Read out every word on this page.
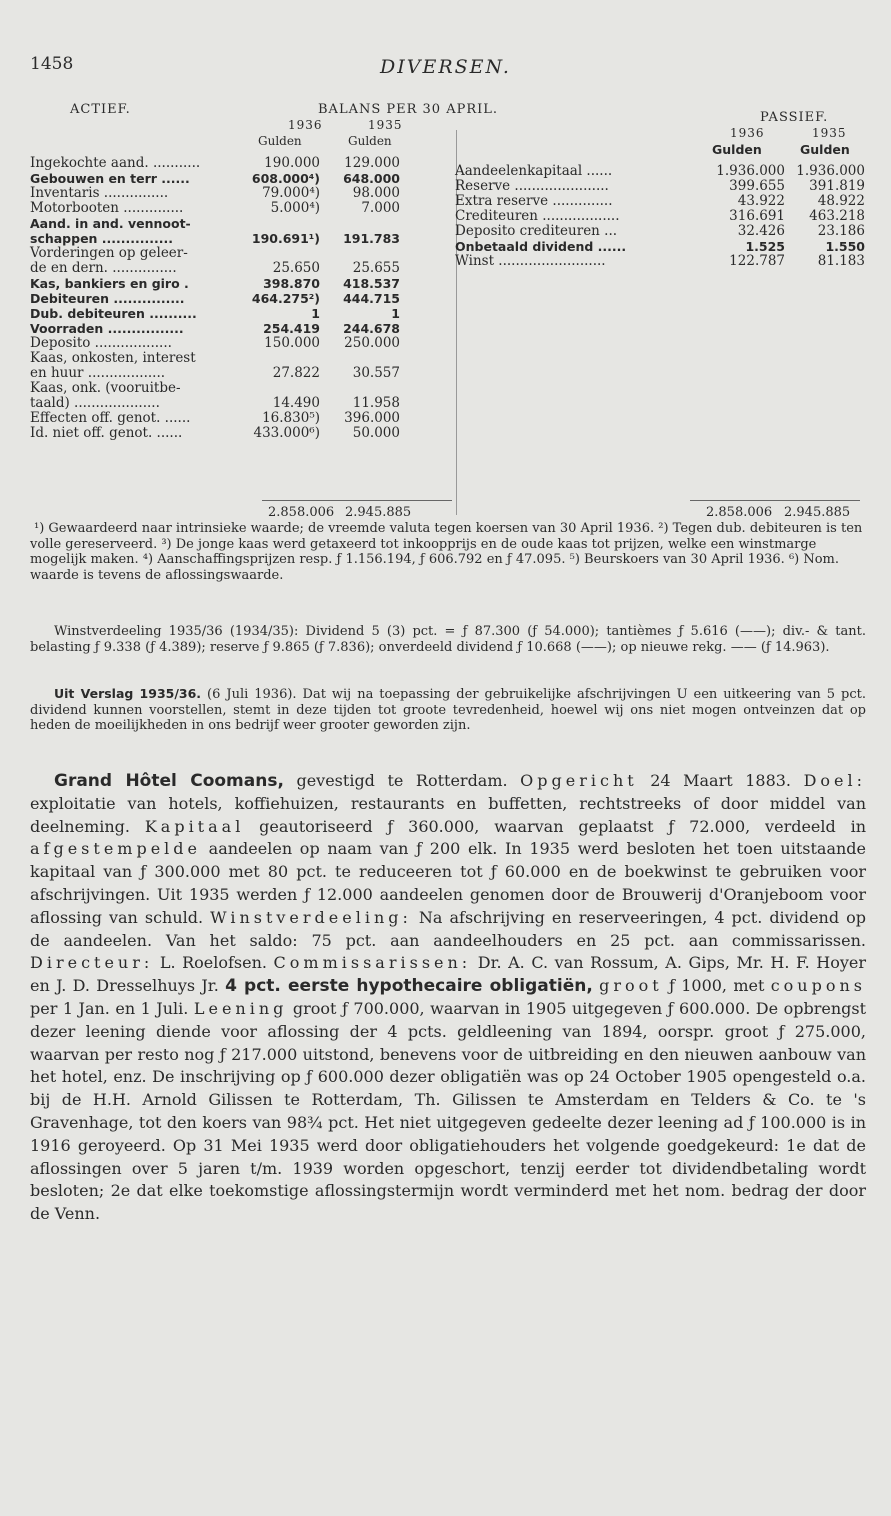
1458	DIVERSEN.
ACTIEF.	BALANS PER 30 APRIL.
PASSIEF.
1936	1935
Gulden	Gulden
1936	1935
Gulden	Gulden
Ingekochte aand. ...........	190.000	129.000
Gebouwen en terr ......	608.000⁴)	648.000
Inventaris ...............	79.000⁴)	98.000
Motorbooten ..............	5.000⁴)	7.000
Aand. in and. vennoot-
schappen ...............	190.691¹)	191.783
Vorderingen op geleer-
de en dern. ...............	25.650	25.655
Kas, bankiers en giro .	398.870	418.537
Debiteuren ...............	464.275²)	444.715
Dub. debiteuren ..........	1	1
Voorraden ................	254.419	244.678
Deposito ..................	150.000	250.000
Kaas, onkosten, interest
en huur ..................	27.822	30.557
Kaas, onk. (vooruitbe-
taald) ....................	14.490	11.958
Effecten off. genot. ......	16.830⁵)	396.000
Id. niet off. genot. ......	433.000⁶)	50.000
Aandeelenkapitaal ......	1.936.000 1.936.000
Reserve ......................	399.655	391.819
Extra reserve ..............	43.922	48.922
Crediteuren ..................	316.691	463.218
Deposito crediteuren ...	32.426	23.186
Onbetaald dividend ......	1.525	1.550
Winst .........................	122.787	81.183
2.858.006 2.945.885	2.858.006 2.945.885

¹) Gewaardeerd naar intrinsieke waarde; de vreemde valuta tegen koersen van 30 April 1936. ²) Tegen dub. debiteuren is ten volle gereserveerd. ³) De jonge kaas werd getaxeerd tot inkoopprijs en de oude kaas tot prijzen, welke een winstmarge mogelijk maken. ⁴) Aanschaffingsprijzen resp. ƒ 1.156.194, ƒ 606.792 en ƒ 47.095. ⁵) Beurskoers van 30 April 1936. ⁶) Nom. waarde is tevens de aflossingswaarde.

Winstverdeeling 1935/36 (1934/35): Dividend 5 (3) pct. = ƒ 87.300 (ƒ 54.000); tantièmes ƒ 5.616 (——); div.- & tant. belasting ƒ 9.338 (ƒ 4.389); reserve ƒ 9.865 (ƒ 7.836); onverdeeld dividend ƒ 10.668 (——); op nieuwe rekg. —— (ƒ 14.963).

Uit Verslag 1935/36. (6 Juli 1936). Dat wij na toepassing der gebruikelijke afschrijvingen U een uitkeering van 5 pct. dividend kunnen voorstellen, stemt in deze tijden tot groote tevredenheid, hoewel wij ons niet mogen ontveinzen dat op heden de moeilijkheden in ons bedrijf weer grooter geworden zijn.

Grand Hôtel Coomans, gevestigd te Rotterdam. Opgericht 24 Maart 1883. Doel: exploitatie van hotels, koffiehuizen, restaurants en buffetten, rechtstreeks of door middel van deelneming. Kapitaal geautoriseerd ƒ 360.000, waarvan geplaatst ƒ 72.000, verdeeld in afgestempelde aandeelen op naam van ƒ 200 elk. In 1935 werd besloten het toen uitstaande kapitaal van ƒ 300.000 met 80 pct. te reduceeren tot ƒ 60.000 en de boekwinst te gebruiken voor afschrijvingen. Uit 1935 werden ƒ 12.000 aandeelen genomen door de Brouwerij d'Oranjeboom voor aflossing van schuld. Winstverdeeling: Na afschrijving en reserveeringen, 4 pct. dividend op de aandeelen. Van het saldo: 75 pct. aan aandeelhouders en 25 pct. aan commissarissen. Directeur: L. Roelofsen. Commissarissen: Dr. A. C. van Rossum, A. Gips, Mr. H. F. Hoyer en J. D. Dresselhuys Jr. 4 pct. eerste hypothecaire obligatiën, groot ƒ 1000, met coupons per 1 Jan. en 1 Juli. Leening groot ƒ 700.000, waarvan in 1905 uitgegeven ƒ 600.000. De opbrengst dezer leening diende voor aflossing der 4 pcts. geldleening van 1894, oorspr. groot ƒ 275.000, waarvan per resto nog ƒ 217.000 uitstond, benevens voor de uitbreiding en den nieuwen aanbouw van het hotel, enz. De inschrijving op ƒ 600.000 dezer obligatiën was op 24 October 1905 opengesteld o.a. bij de H.H. Arnold Gilissen te Rotterdam, Th. Gilissen te Amsterdam en Telders & Co. te 's Gravenhage, tot den koers van 98¾ pct. Het niet uitgegeven gedeelte dezer leening ad ƒ 100.000 is in 1916 geroyeerd. Op 31 Mei 1935 werd door obligatiehouders het volgende goedgekeurd: 1e dat de aflossingen over 5 jaren t/m. 1939 worden opgeschort, tenzij eerder tot dividendbetaling wordt besloten; 2e dat elke toekomstige aflossingstermijn wordt verminderd met het nom. bedrag der door de Venn.
